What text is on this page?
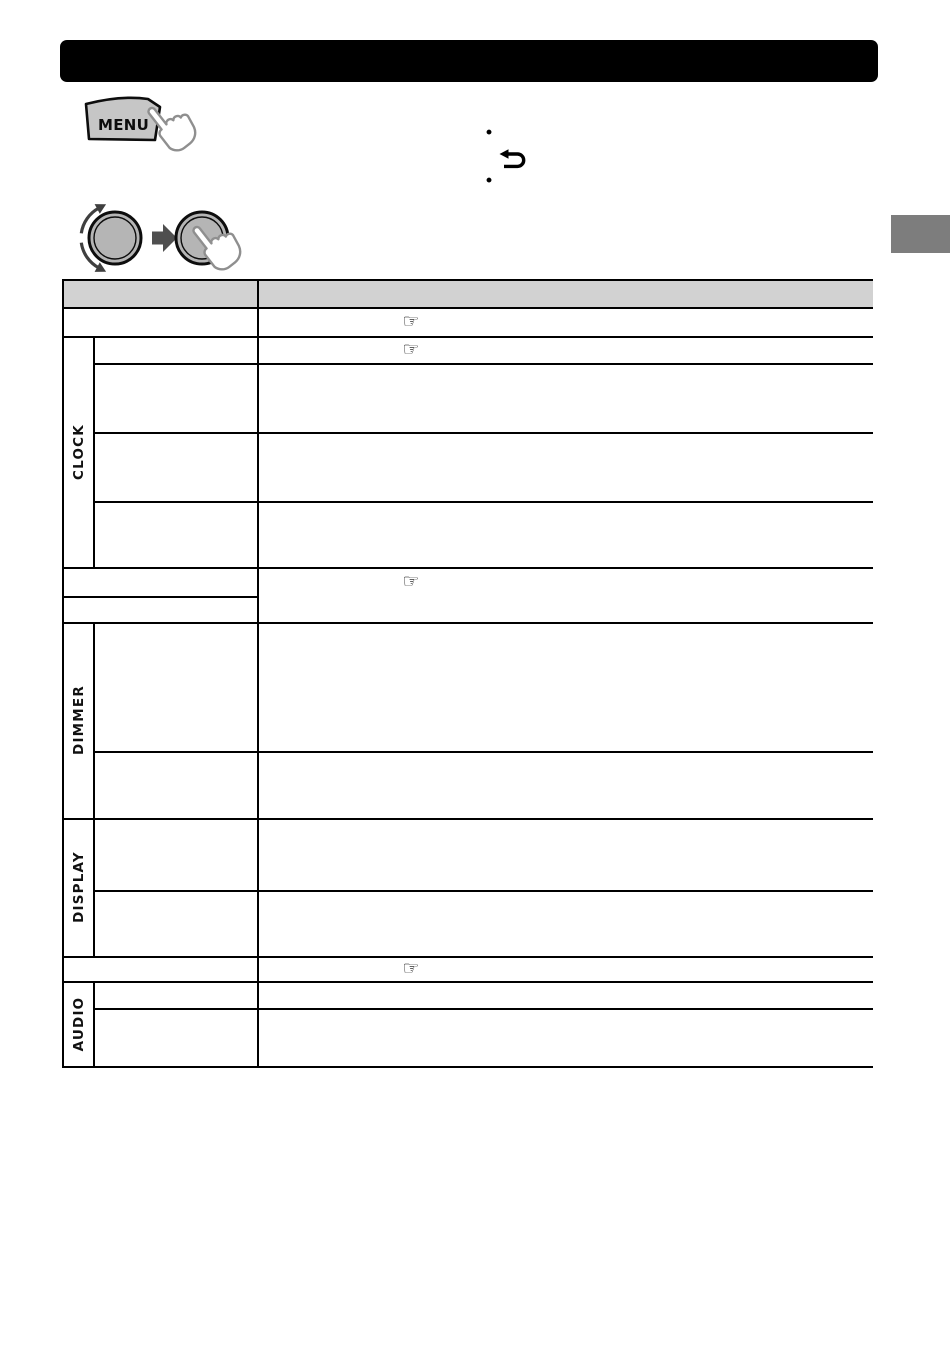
MENU	•
•
CLOCK
DIMMER
DISPLAY
AUDIO
☞
☞
☞
☞
